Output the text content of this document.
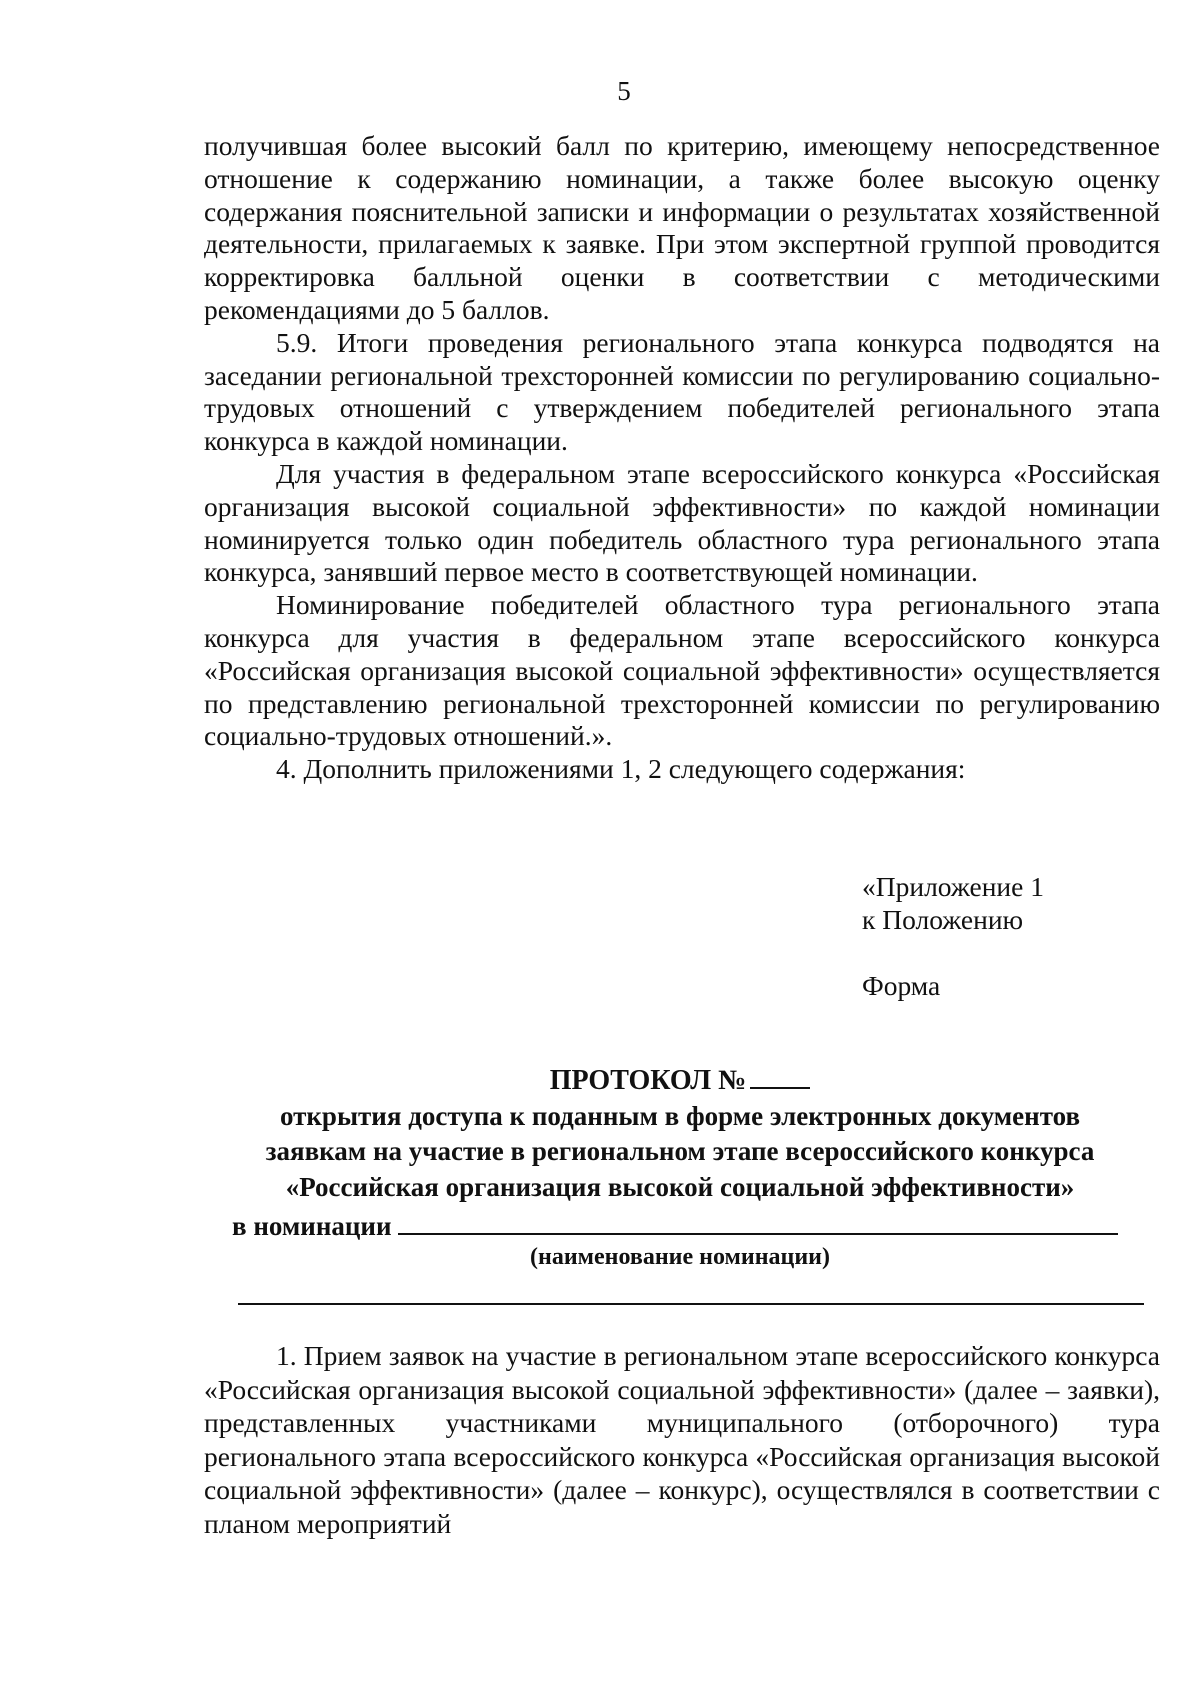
5

получившая более высокий балл по критерию, имеющему непосредственное отношение к содержанию номинации, а также более высокую оценку содержания пояснительной записки и информации о результатах хозяйственной деятельности, прилагаемых к заявке. При этом экспертной группой проводится корректировка балльной оценки в соответствии с методическими рекомендациями до 5 баллов.

5.9. Итоги проведения регионального этапа конкурса подводятся на заседании региональной трехсторонней комиссии по регулированию социально-трудовых отношений с утверждением победителей регионального этапа конкурса в каждой номинации.

Для участия в федеральном этапе всероссийского конкурса «Российская организация высокой социальной эффективности» по каждой номинации номинируется только один победитель областного тура регионального этапа конкурса, занявший первое место в соответствующей номинации.

Номинирование победителей областного тура регионального этапа конкурса для участия в федеральном этапе всероссийского конкурса «Российская организация высокой социальной эффективности» осуществляется по представлению региональной трехсторонней комиссии по регулированию социально-трудовых отношений.».

4. Дополнить приложениями 1, 2 следующего содержания:

«Приложение 1
к Положению
Форма
ПРОТОКОЛ №
открытия доступа к поданным в форме электронных документов
заявкам на участие в региональном этапе всероссийского конкурса
«Российская организация высокой социальной эффективности»
в номинации
(наименование номинации)

1. Прием заявок на участие в региональном этапе всероссийского конкурса «Российская организация высокой социальной эффективности» (далее – заявки), представленных участниками муниципального (отборочного) тура регионального этапа всероссийского конкурса «Российская организация высокой социальной эффективности» (далее – конкурс), осуществлялся в соответствии с планом мероприятий
